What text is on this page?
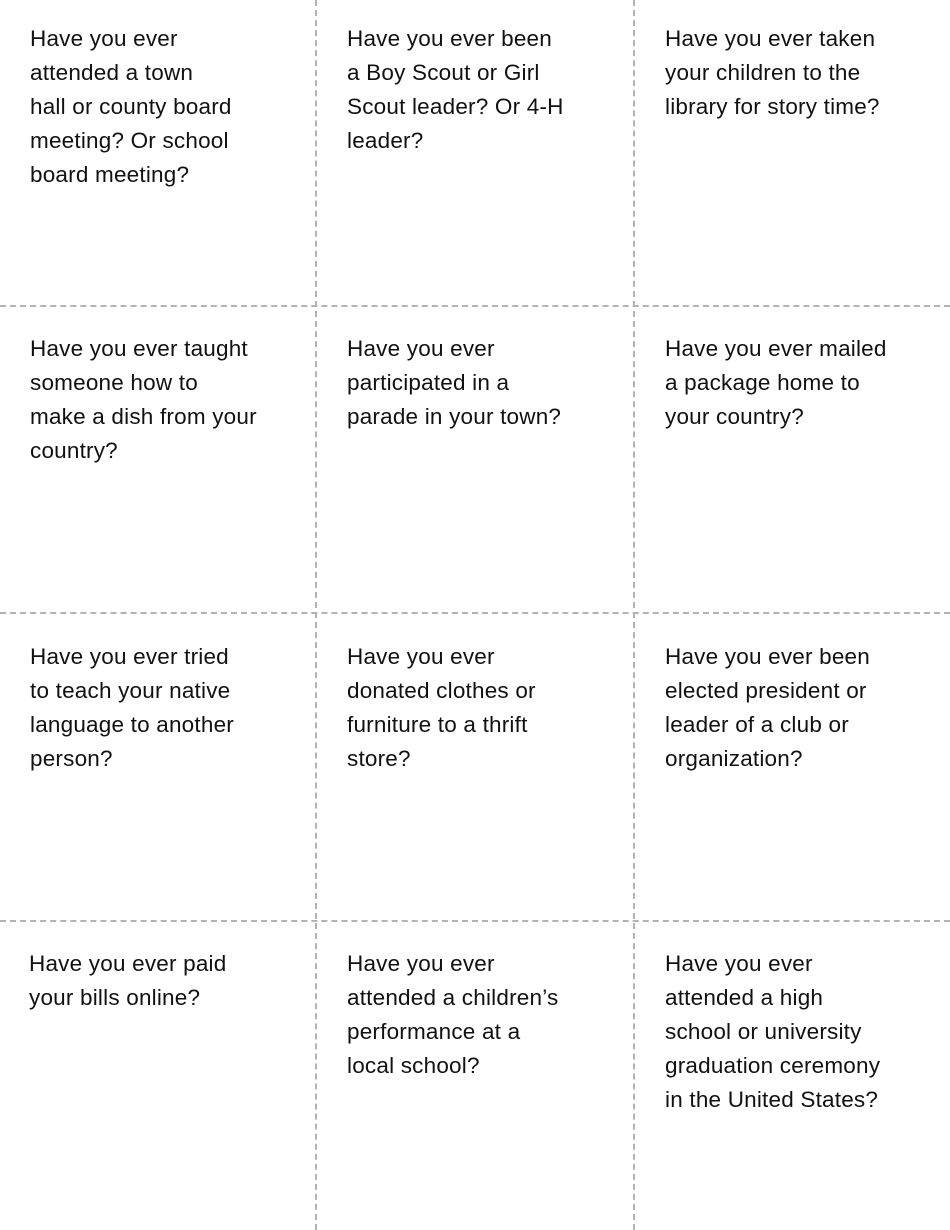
Have you ever
attended a town
hall or county board
meeting? Or school
board meeting?

Have you ever been
a Boy Scout or Girl
Scout leader? Or 4-H
leader?

Have you ever taken
your children to the
library for story time?

Have you ever taught
someone how to
make a dish from your
country?

Have you ever
participated in a
parade in your town?

Have you ever mailed
a package home to
your country?

Have you ever tried
to teach your native
language to another
person?

Have you ever
donated clothes or
furniture to a thrift
store?

Have you ever been
elected president or
leader of a club or
organization?

Have you ever paid
your bills online?

Have you ever
attended a children’s
performance at a
local school?

Have you ever
attended a high
school or university
graduation ceremony
in the United States?
